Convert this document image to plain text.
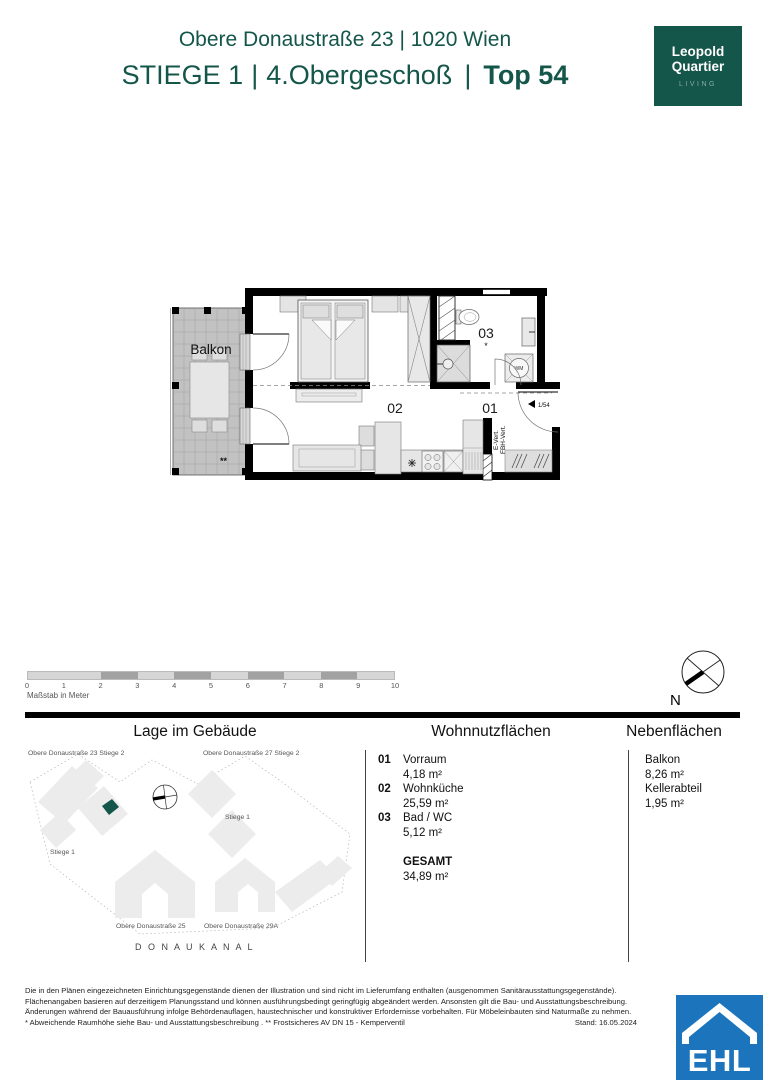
Obere Donaustraße 23 | 1020 Wien
STIEGE 1 | 4.Obergeschoß | Top 54
Leopold
Quartier
LIVING
Balkon
**
WM
1/54
E-Vert. FBH-Vert.
02	01
03
*
0	1	2	3	4	5	6	7	8	9	10
Maßstab in Meter	N
Lage im Gebäude	Wohnnutzflächen	Nebenflächen
Obere Donaustraße 23 Stiege 2	Obere Donaustraße 27 Stiege 2
Stiege 1
Stiege 1
Obere Donaustraße 25	Obere Donaustraße 29A
D O N A U K A N A L
01 Vorraum
4,18 m²
02 Wohnküche
25,59 m²
03 Bad / WC
5,12 m²
GESAMT
34,89 m²
Balkon
8,26 m²
Kellerabteil
1,95 m²
Die in den Plänen eingezeichneten Einrichtungsgegenstände dienen der Illustration und sind nicht im Lieferumfang enthalten (ausgenommen Sanitärausstattungsgegenstände).
Flächenangaben basieren auf derzeitigem Planungsstand und können ausführungsbedingt geringfügig abgeändert werden. Ansonsten gilt die Bau- und Ausstattungsbeschreibung.
Änderungen während der Bauausführung infolge Behördenauflagen, haustechnischer und konstruktiver Erfordernisse vorbehalten. Für Möbeleinbauten sind Naturmaße zu nehmen.
* Abweichende Raumhöhe siehe Bau- und Ausstattungsbeschreibung . ** Frostsicheres AV DN 15 - Kemperventil	Stand: 16.05.2024
EHL
